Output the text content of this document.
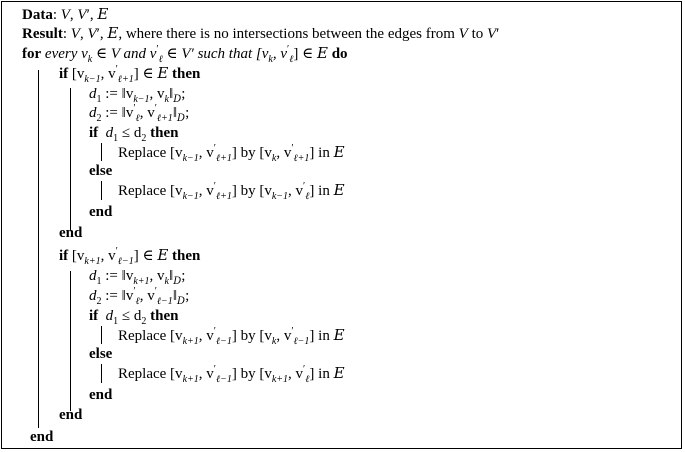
Data: V, V′, E
Result: V, V′, E, where there is no intersections between the edges from V to V′
for every $v_k$ ∈ V and $v'_\ell$ ∈ V′ such that [$v_k$, $v'_\ell$] ∈ E do
if [$v_{k-1}$, $v'_{\ell+1}$] ∈ E then
$d_1$ := $‖v_{k-1}$, $v_k‖_D$;
$d_2$ := $‖v'_\ell$, $v'_{\ell+1}‖_D$;
if $d_1 \le d_2$ then
Replace [$v_{k-1}$, $v'_{\ell+1}$] by [$v_k$, $v'_{\ell+1}$] in E
else
Replace [$v_{k-1}$, $v'_{\ell+1}$] by [$v_{k-1}$, $v'_\ell$] in E
end
end
if [$v_{k+1}$, $v'_{\ell-1}$] ∈ E then
$d_1$ := $‖v_{k+1}$, $v_k‖_D$;
$d_2$ := $‖v'_\ell$, $v'_{\ell-1}‖_D$;
if $d_1 \le d_2$ then
Replace [$v_{k+1}$, $v'_{\ell-1}$] by [$v_k$, $v'_{\ell-1}$] in E
else
Replace [$v_{k+1}$, $v'_{\ell-1}$] by [$v_{k+1}$, $v'_\ell$] in E
end
end
end
